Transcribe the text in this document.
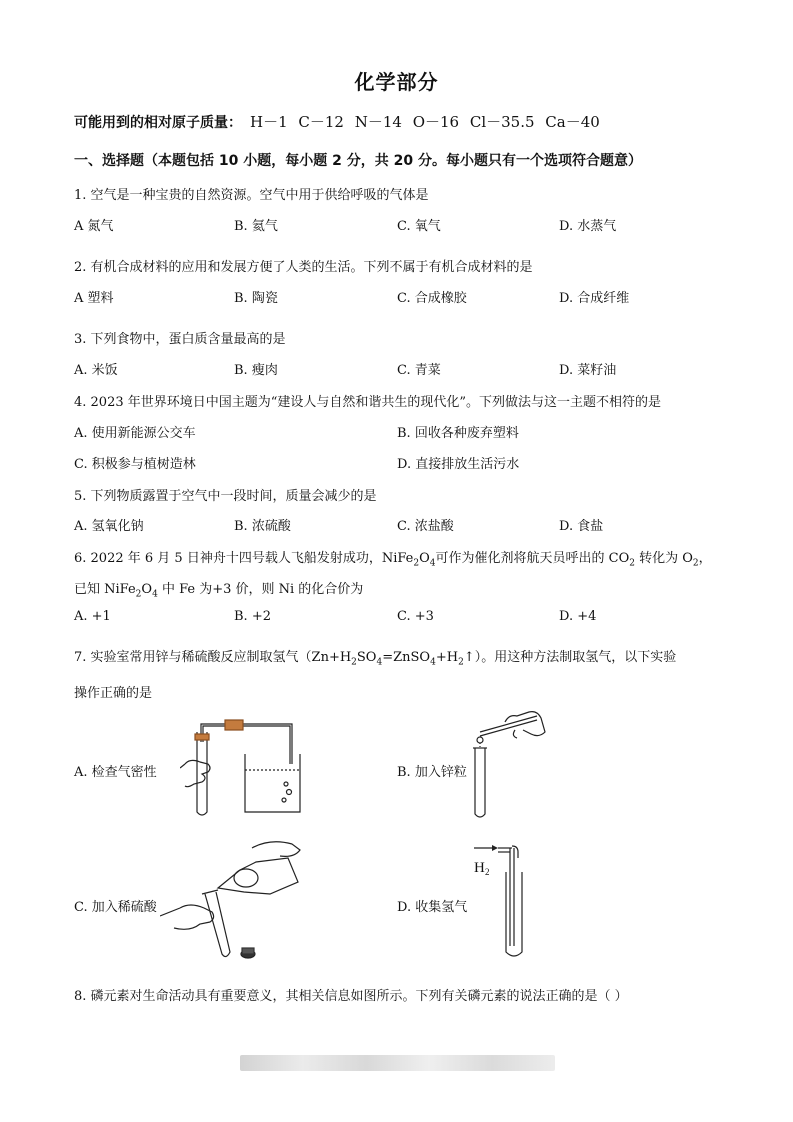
化学部分
可能用到的相对原子质量： H－1 C－12 N－14 O－16 Cl－35.5 Ca－40
一、选择题（本题包括 10 小题，每小题 2 分，共 20 分。每小题只有一个选项符合题意）
1. 空气是一种宝贵的自然资源。空气中用于供给呼吸的气体是
A 氮气	B. 氦气	C. 氧气	D. 水蒸气
2. 有机合成材料的应用和发展方便了人类的生活。下列不属于有机合成材料的是
A 塑料	B. 陶瓷	C. 合成橡胶	D. 合成纤维
3. 下列食物中，蛋白质含量最高的是
A. 米饭	B. 瘦肉	C. 青菜	D. 菜籽油
4. 2023 年世界环境日中国主题为“建设人与自然和谐共生的现代化”。下列做法与这一主题不相符的是
A. 使用新能源公交车	B. 回收各种废弃塑料
C. 积极参与植树造林	D. 直接排放生活污水
5. 下列物质露置于空气中一段时间，质量会减少的是
A. 氢氧化钠	B. 浓硫酸	C. 浓盐酸	D. 食盐
6. 2022 年 6 月 5 日神舟十四号载人飞船发射成功，$NiFe_2O_4$可作为催化剂将航天员呼出的 $CO_2$ 转化为 $O_2$，
已知 $NiFe_2O_4$ 中 Fe 为+3 价，则 Ni 的化合价为
A. +1	B. +2	C. +3	D. +4
7. 实验室常用锌与稀硫酸反应制取氢气$(Zn+H_2SO_4=ZnSO_4+H_2↑)$。用这种方法制取氢气，以下实验
操作正确的是
A. 检查气密性	B. 加入锌粒
C. 加入稀硫酸	D. 收集氢气
H 2
8. 磷元素对生命活动具有重要意义，其相关信息如图所示。下列有关磷元素的说法正确的是（ ）
